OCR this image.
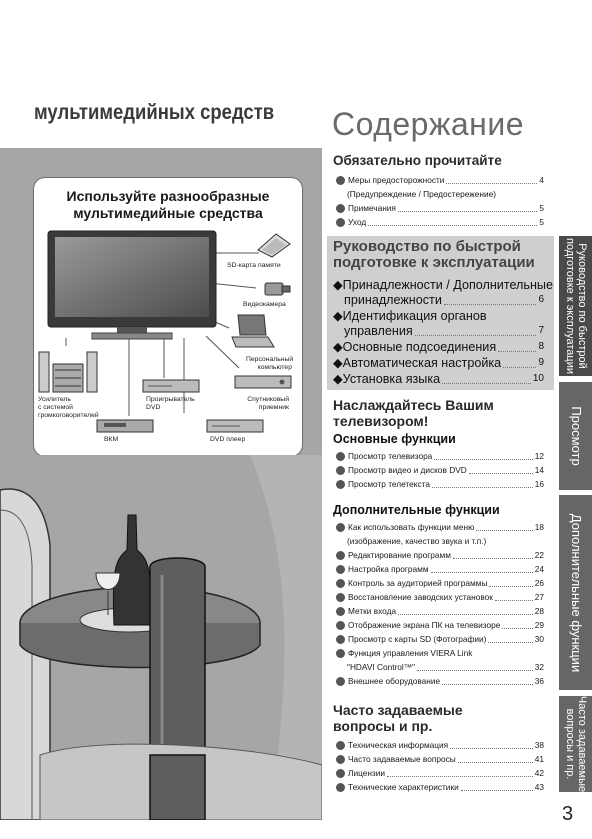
мультимедийных средств
Используйте разнообразные
мультимедийные средства
SD-карта памяти
Видеокамера
Персональный
компьютер
Усилитель
с системой
громкоговорителей
Проигрыватель
DVD
Спутниковый
приемник
ВКМ	DVD плеер
Содержание
Обязательно прочитайте
Меры предосторожности	4
(Предупреждение / Предостережение)
Примечания	5
Уход	5
Руководство по быстрой
подготовке к эксплуатации
◆Принадлежности / Дополнительные
принадлежности	6
◆Идентификация органов
управления	7
◆Основные подсоединения	8
◆Автоматическая настройка	9
◆Установка языка	10
Наслаждайтесь Вашим
телевизором!
Основные функции
Просмотр телевизора	12
Просмотр видео и дисков DVD	14
Просмотр телетекста	16
Дополнительные функции
Как использовать функции меню	18
(изображение, качество звука и т.п.)
Редактирование программ	22
Настройка программ	24
Контроль за аудиторией программы	26
Восстановление заводских установок	27
Метки входа	28
Отображение экрана ПК на телевизоре	29
Просмотр с карты SD (Фотографии)	30
Функция управления VIERA Link
"HDAVI Control™"	32
Внешнее оборудование	36
Часто задаваемые
вопросы и пр.
Техническая информация	38
Часто задаваемые вопросы	41
Лицензии	42
Технические характеристики	43
Руководство по быстрой
подготовке к эксплуатации
Просмотр
Дополнительные функции
Часто задаваемые
вопросы и пр.
3
